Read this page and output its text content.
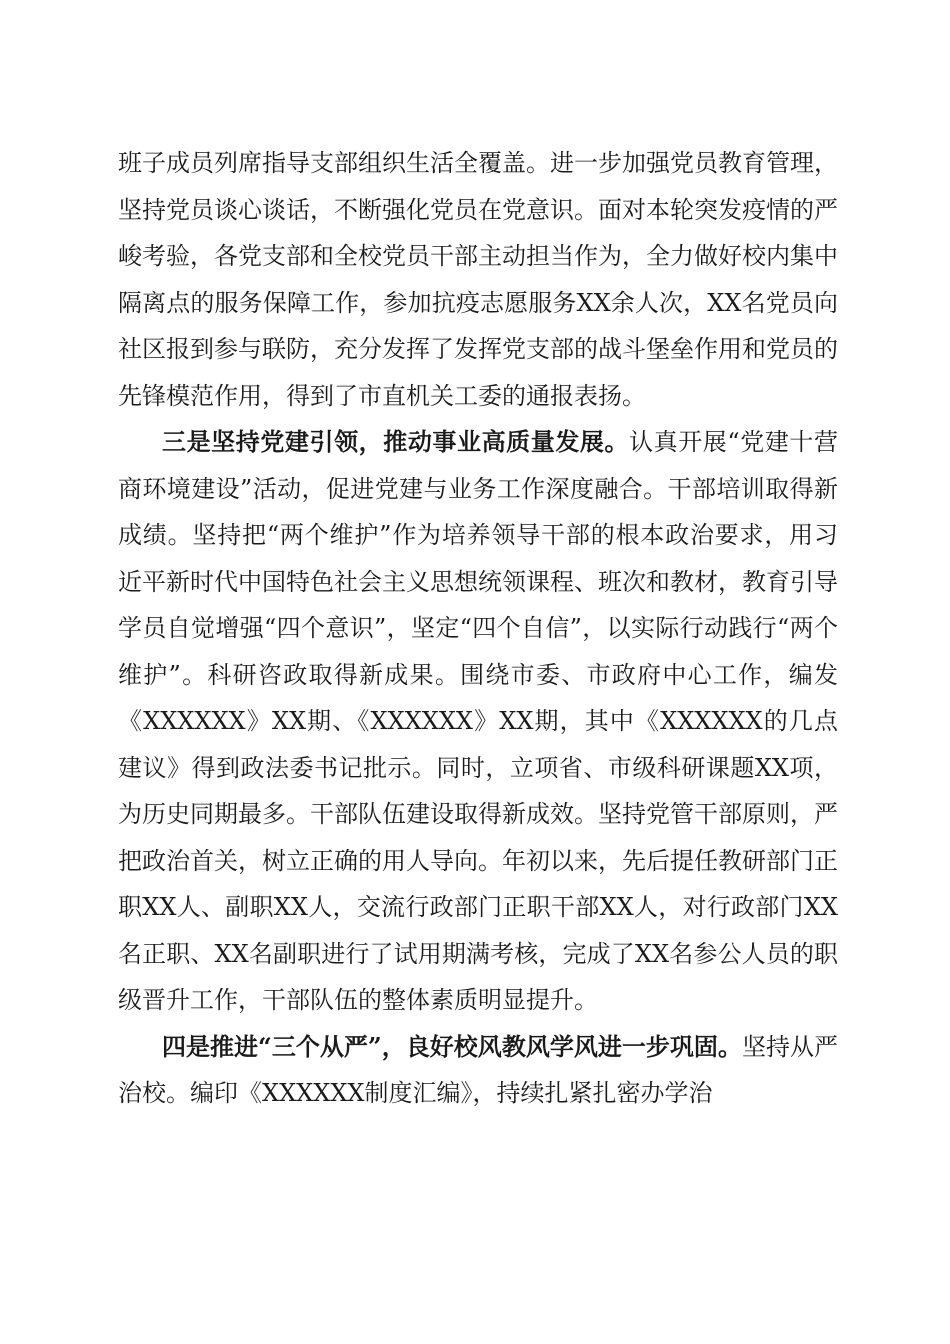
班子成员列席指导支部组织生活全覆盖。进一步加强党员教育管理，坚持党员谈心谈话，不断强化党员在党意识。面对本轮突发疫情的严峻考验，各党支部和全校党员干部主动担当作为，全力做好校内集中隔离点的服务保障工作，参加抗疫志愿服务XX余人次，XX名党员向社区报到参与联防，充分发挥了发挥党支部的战斗堡垒作用和党员的先锋模范作用，得到了市直机关工委的通报表扬。

三是坚持党建引领，推动事业高质量发展。认真开展“党建十营商环境建设”活动，促进党建与业务工作深度融合。干部培训取得新成绩。坚持把“两个维护”作为培养领导干部的根本政治要求，用习近平新时代中国特色社会主义思想统领课程、班次和教材，教育引导学员自觉增强“四个意识”，坚定“四个自信”，以实际行动践行“两个维护”。科研咨政取得新成果。围绕市委、市政府中心工作，编发《XXXXXX》XX期、《XXXXXX》XX期，其中《XXXXXX的几点建议》得到政法委书记批示。同时，立项省、市级科研课题XX项，为历史同期最多。干部队伍建设取得新成效。坚持党管干部原则，严把政治首关，树立正确的用人导向。年初以来，先后提任教研部门正职XX人、副职XX人，交流行政部门正职干部XX人，对行政部门XX名正职、XX名副职进行了试用期满考核，完成了XX名参公人员的职级晋升工作，干部队伍的整体素质明显提升。

四是推进“三个从严”，良好校风教风学风进一步巩固。坚持从严治校。编印《XXXXXX制度汇编》，持续扎紧扎密办学治
